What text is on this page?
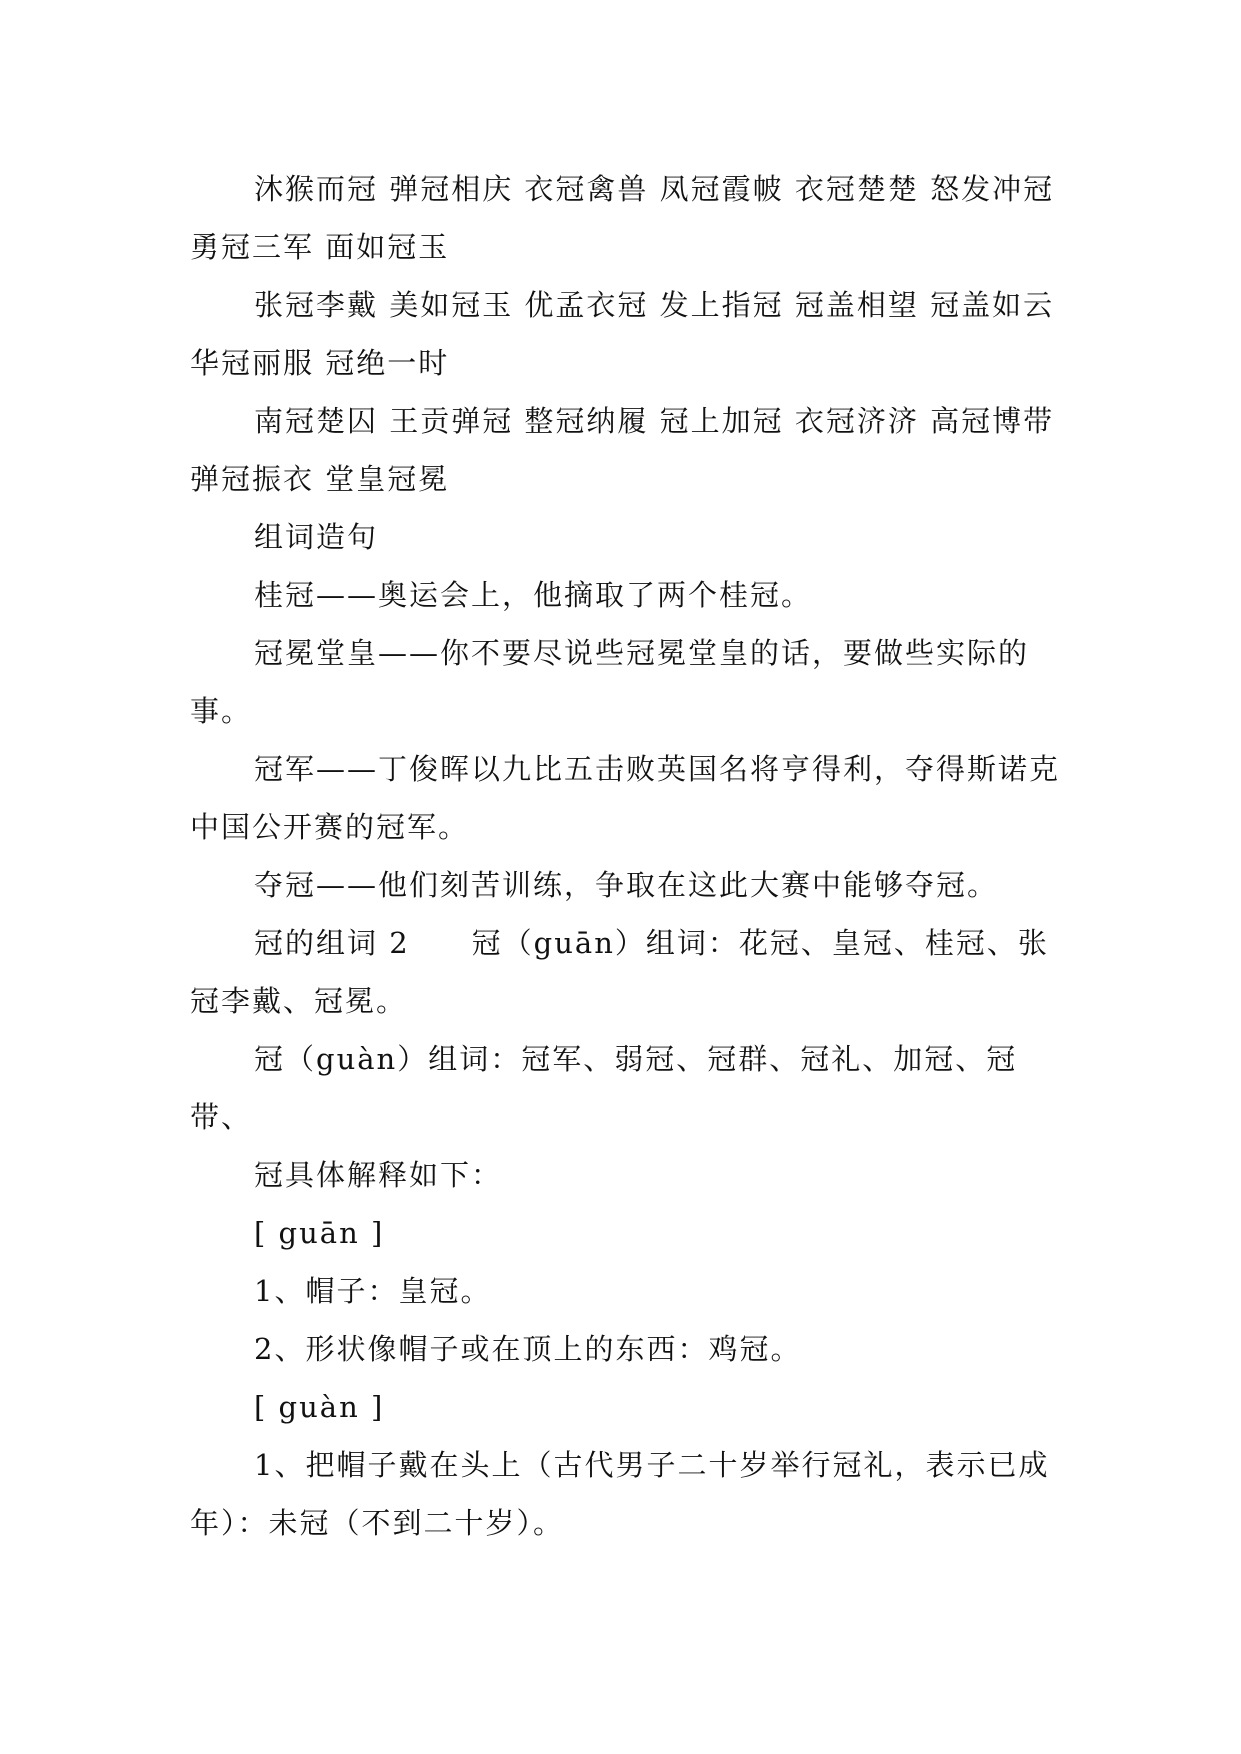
沐猴而冠 弹冠相庆 衣冠禽兽 凤冠霞帔 衣冠楚楚 怒发冲冠 勇冠三军 面如冠玉

张冠李戴 美如冠玉 优孟衣冠 发上指冠 冠盖相望 冠盖如云 华冠丽服 冠绝一时

南冠楚囚 王贡弹冠 整冠纳履 冠上加冠 衣冠济济 高冠博带 弹冠振衣 堂皇冠冕

组词造句

桂冠——奥运会上，他摘取了两个桂冠。

冠冕堂皇——你不要尽说些冠冕堂皇的话，要做些实际的事。

冠军——丁俊晖以九比五击败英国名将亨得利，夺得斯诺克中国公开赛的冠军。

夺冠——他们刻苦训练，争取在这此大赛中能够夺冠。

冠的组词 2　　冠（guān）组词：花冠、皇冠、桂冠、张冠李戴、冠冕。

冠（guàn）组词：冠军、弱冠、冠群、冠礼、加冠、冠带、

冠具体解释如下：

[ guān ]

1、帽子：皇冠。

2、形状像帽子或在顶上的东西：鸡冠。

[ guàn ]

1、把帽子戴在头上（古代男子二十岁举行冠礼，表示已成年）：未冠（不到二十岁）。
